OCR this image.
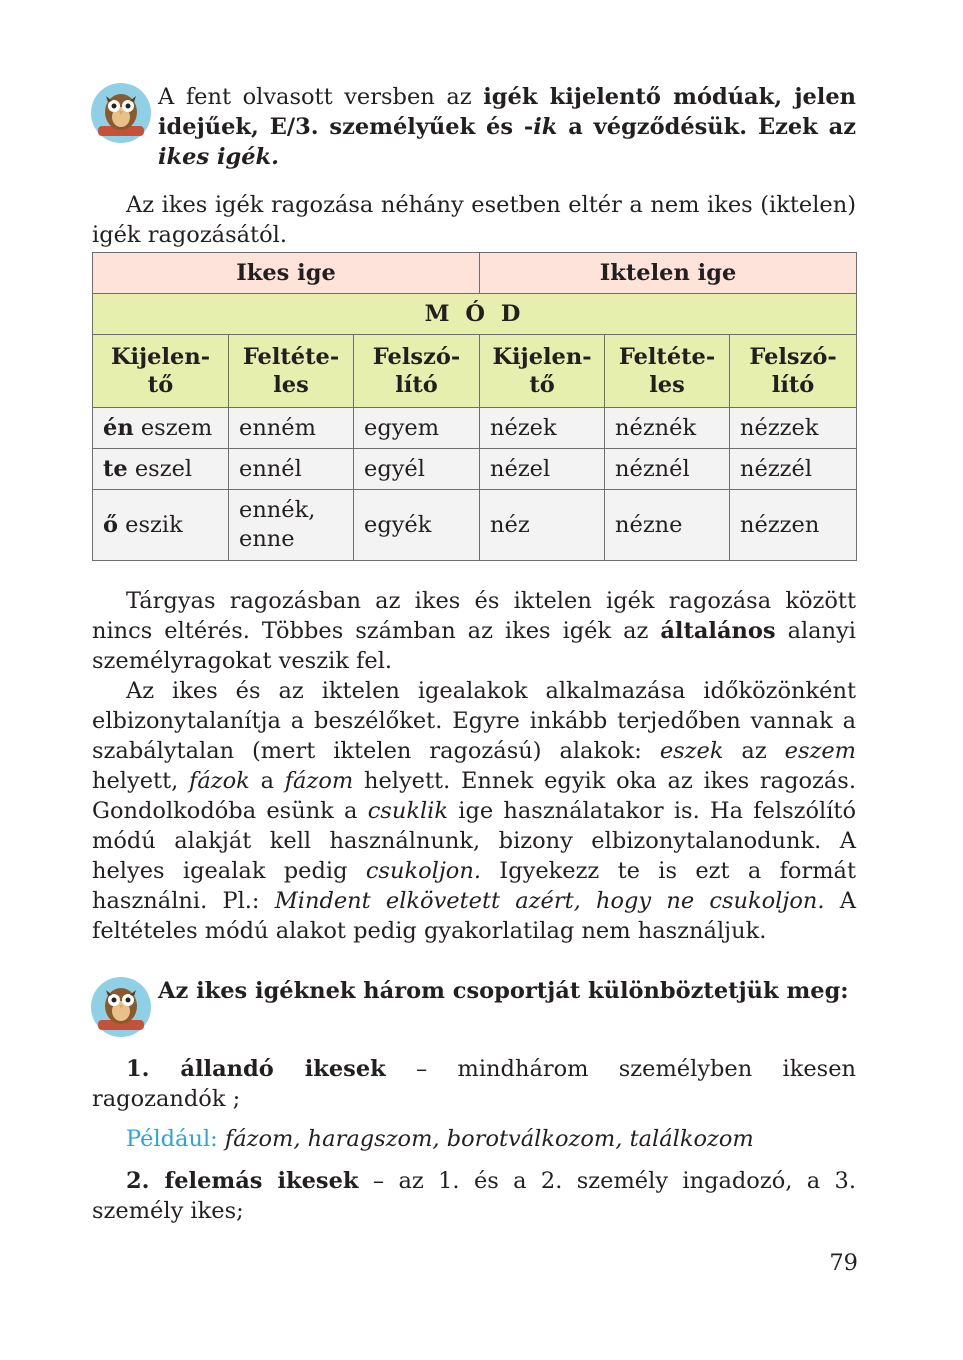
A fent olvasott versben az igék kijelentő módúak, jelen idejűek, E/3. személyűek és -ik a végződésük. Ezek az ikes igék.

Az ikes igék ragozása néhány esetben eltér a nem ikes (iktelen) igék ragozásától.

Ikes ige			Iktelen ige		
M Ó D					
Kijelentő	Feltételes	Felszólító	Kijelentő	Feltételes	Felszólító
én eszem	enném	egyem	nézek	néznék	nézzek
te eszel	ennél	egyél	nézel	néznél	nézzél
ő eszik	ennék, enne	egyék	néz	nézne	nézzen

Tárgyas ragozásban az ikes és iktelen igék ragozása között nincs eltérés. Többes számban az ikes igék az általános alanyi személyragokat veszik fel.

Az ikes és az iktelen igealakok alkalmazása időközönként elbizonytalanítja a beszélőket. Egyre inkább terjedőben vannak a szabálytalan (mert iktelen ragozású) alakok: eszek az eszem helyett, fázok a fázom helyett. Ennek egyik oka az ikes ragozás. Gondolkodóba esünk a csuklik ige használatakor is. Ha felszólító módú alakját kell használnunk, bizony elbizonytalanodunk. A helyes igealak pedig csukoljon. Igyekezz te is ezt a formát használni. Pl.: Mindent elkövetett azért, hogy ne csukoljon. A feltételes módú alakot pedig gyakorlatilag nem használjuk.

Az ikes igéknek három csoportját különböztetjük meg:

1. állandó ikesek – mindhárom személyben ikesen ragozandók ;

Például: fázom, haragszom, borotválkozom, találkozom

2. felemás ikesek – az 1. és a 2. személy ingadozó, a 3. személy ikes;

79
